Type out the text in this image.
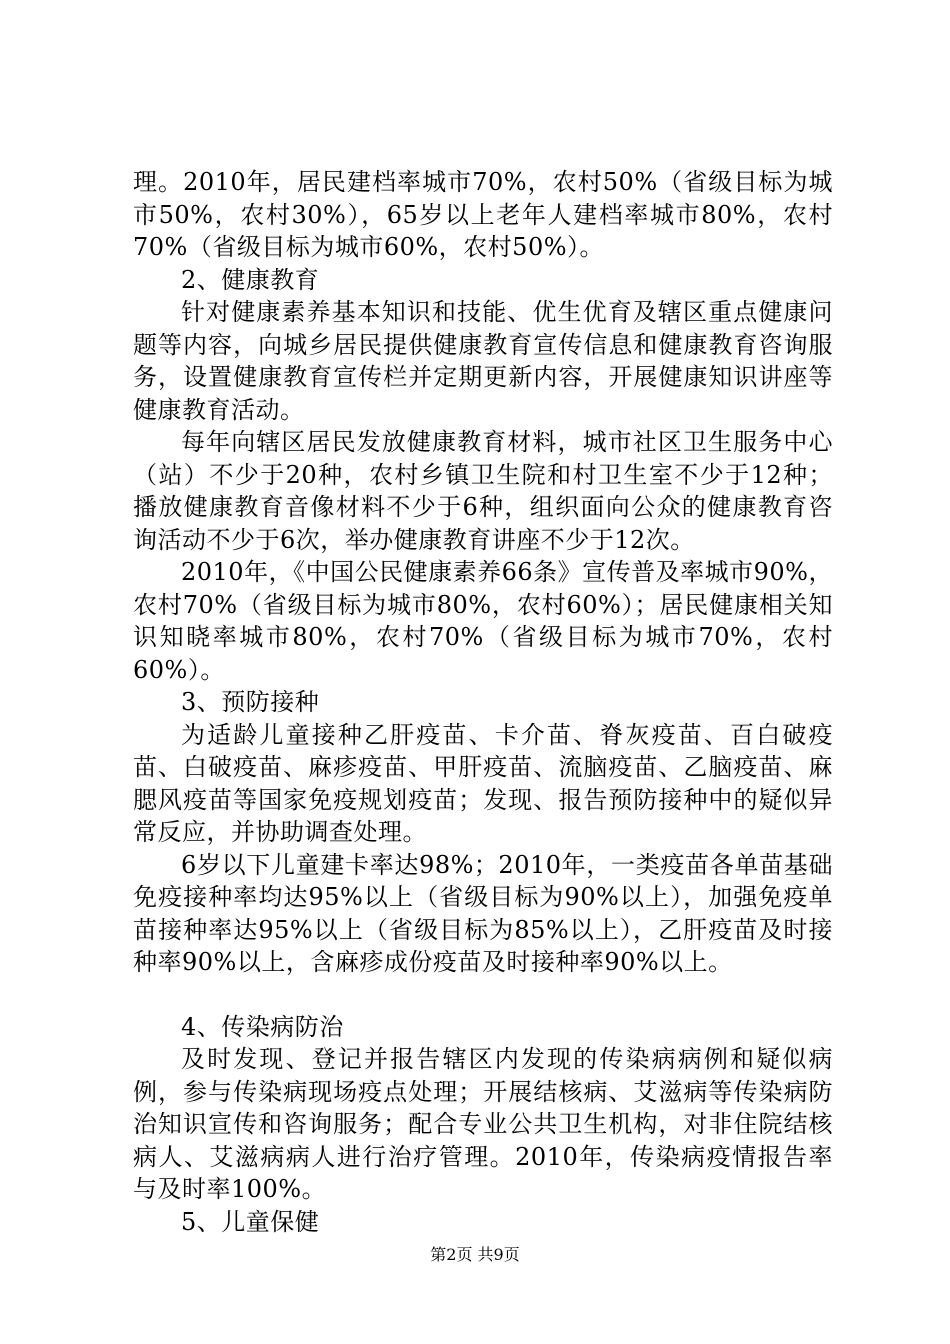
理。2010年，居民建档率城市70%，农村50%（省级目标为城市50%，农村30%），65岁以上老年人建档率城市80%，农村70%（省级目标为城市60%，农村50%）。

2、健康教育

针对健康素养基本知识和技能、优生优育及辖区重点健康问题等内容，向城乡居民提供健康教育宣传信息和健康教育咨询服务，设置健康教育宣传栏并定期更新内容，开展健康知识讲座等健康教育活动。

每年向辖区居民发放健康教育材料，城市社区卫生服务中心（站）不少于20种，农村乡镇卫生院和村卫生室不少于12种；播放健康教育音像材料不少于6种，组织面向公众的健康教育咨询活动不少于6次，举办健康教育讲座不少于12次。

2010年，《中国公民健康素养66条》宣传普及率城市90%，农村70%（省级目标为城市80%，农村60%）；居民健康相关知识知晓率城市80%，农村70%（省级目标为城市70%，农村60%）。

3、预防接种

为适龄儿童接种乙肝疫苗、卡介苗、脊灰疫苗、百白破疫苗、白破疫苗、麻疹疫苗、甲肝疫苗、流脑疫苗、乙脑疫苗、麻腮风疫苗等国家免疫规划疫苗；发现、报告预防接种中的疑似异常反应，并协助调查处理。

6岁以下儿童建卡率达98%；2010年，一类疫苗各单苗基础免疫接种率均达95%以上（省级目标为90%以上），加强免疫单苗接种率达95%以上（省级目标为85%以上），乙肝疫苗及时接种率90%以上，含麻疹成份疫苗及时接种率90%以上。

4、传染病防治

及时发现、登记并报告辖区内发现的传染病病例和疑似病例，参与传染病现场疫点处理；开展结核病、艾滋病等传染病防治知识宣传和咨询服务；配合专业公共卫生机构，对非住院结核病人、艾滋病病人进行治疗管理。2010年，传染病疫情报告率与及时率100%。

5、儿童保健

第2页 共9页
